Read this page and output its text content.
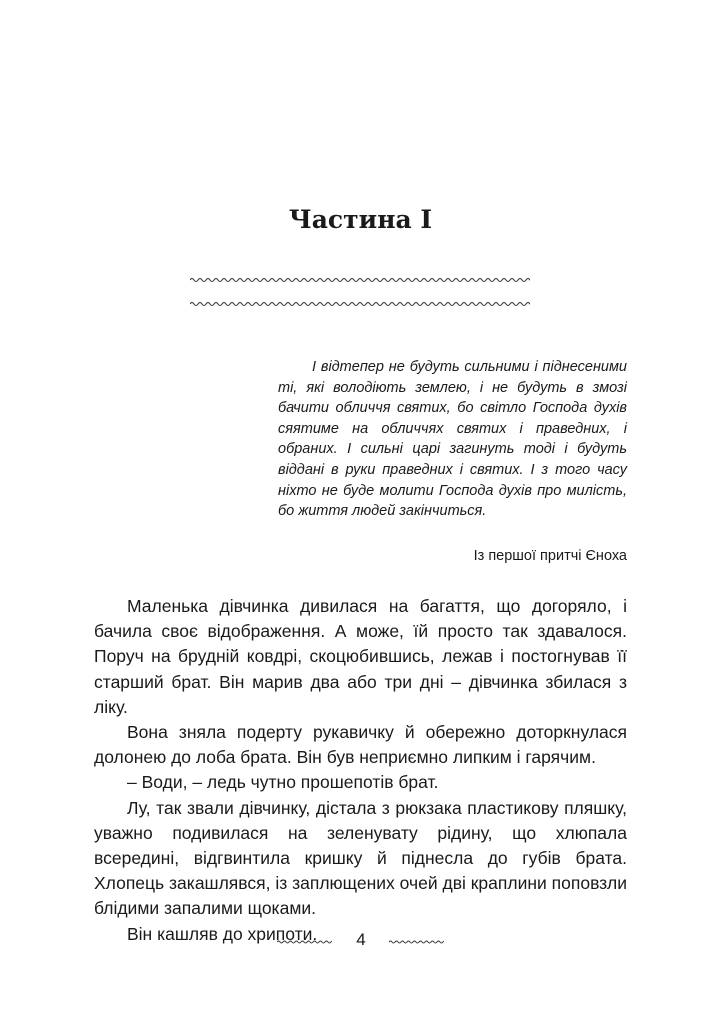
Частина I

І відтепер не будуть сильними і піднесеними ті, які володіють землею, і не будуть в змозі бачити обличчя святих, бо світло Господа духів сяятиме на обличчях святих і праведних, і обраних. І сильні царі загинуть тоді і будуть віддані в руки праведних і святих. І з того часу ніхто не буде молити Господа духів про милість, бо життя людей закінчиться.

Із першої притчі Єноха

Маленька дівчинка дивилася на багаття, що догоряло, і бачила своє відображення. А може, їй просто так здавалося. Поруч на брудній ковдрі, скоцюбившись, лежав і постогнував її старший брат. Він марив два або три дні – дівчинка збилася з ліку.

Вона зняла подерту рукавичку й обережно доторкнулася долонею до лоба брата. Він був неприємно липким і гарячим.

– Води, – ледь чутно прошепотів брат.

Лу, так звали дівчинку, дістала з рюкзака пластикову пляшку, уважно подивилася на зеленувату рідину, що хлюпала всередині, відгвинтила кришку й піднесла до губів брата. Хлопець закашлявся, із заплющених очей дві краплини поповзли блідими запалими щоками.

Він кашляв до хрипоти.	4
